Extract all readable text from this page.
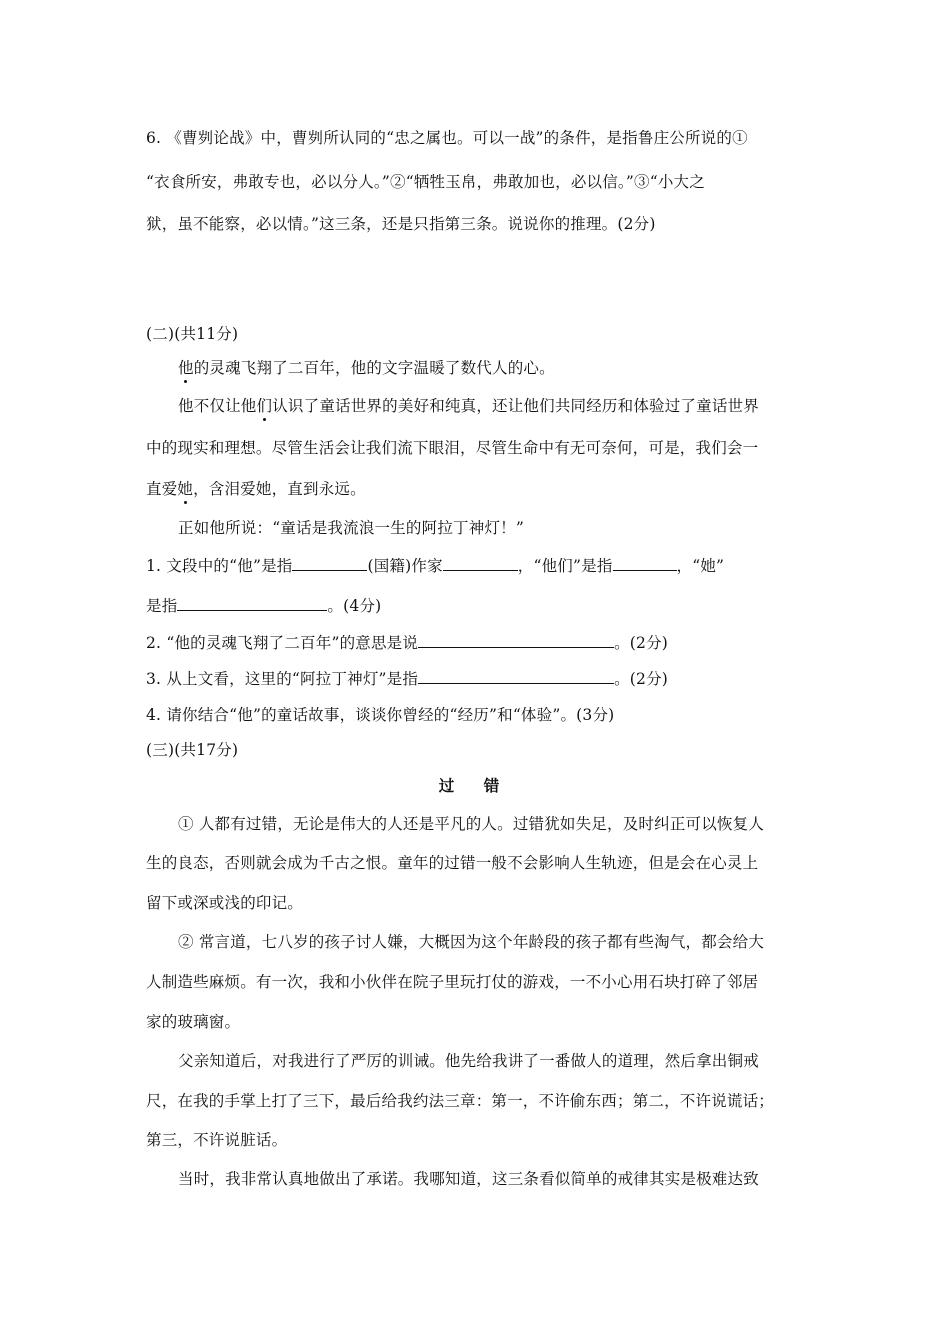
6. 《曹刿论战》中，曹刿所认同的“忠之属也。可以一战”的条件，是指鲁庄公所说的①
“衣食所安，弗敢专也，必以分人。”②“牺牲玉帛，弗敢加也，必以信。”③“小大之
狱，虽不能察，必以情。”这三条，还是只指第三条。说说你的推理。(2分)
(二)(共11分)
他的灵魂飞翔了二百年，他的文字温暖了数代人的心。
他不仅让他们认识了童话世界的美好和纯真，还让他们共同经历和体验过了童话世界
中的现实和理想。尽管生活会让我们流下眼泪，尽管生命中有无可奈何，可是，我们会一
直爱她，含泪爱她，直到永远。
正如他所说：“童话是我流浪一生的阿拉丁神灯！”
1. 文段中的“他”是指	(国籍)作家	，“他们”是指	，“她”
是指	。(4分)
2. “他的灵魂飞翔了二百年”的意思是说	。(2分)
3. 从上文看，这里的“阿拉丁神灯”是指	。(2分)
4. 请你结合“他”的童话故事，谈谈你曾经的“经历”和“体验”。(3分)
(三)(共17分)
过 错
① 人都有过错，无论是伟大的人还是平凡的人。过错犹如失足，及时纠正可以恢复人
生的良态，否则就会成为千古之恨。童年的过错一般不会影响人生轨迹，但是会在心灵上
留下或深或浅的印记。
② 常言道，七八岁的孩子讨人嫌，大概因为这个年龄段的孩子都有些淘气，都会给大
人制造些麻烦。有一次，我和小伙伴在院子里玩打仗的游戏，一不小心用石块打碎了邻居
家的玻璃窗。
父亲知道后，对我进行了严厉的训诫。他先给我讲了一番做人的道理，然后拿出铜戒
尺，在我的手掌上打了三下，最后给我约法三章：第一，不许偷东西；第二，不许说谎话；
第三，不许说脏话。
当时，我非常认真地做出了承诺。我哪知道，这三条看似简单的戒律其实是极难达致
